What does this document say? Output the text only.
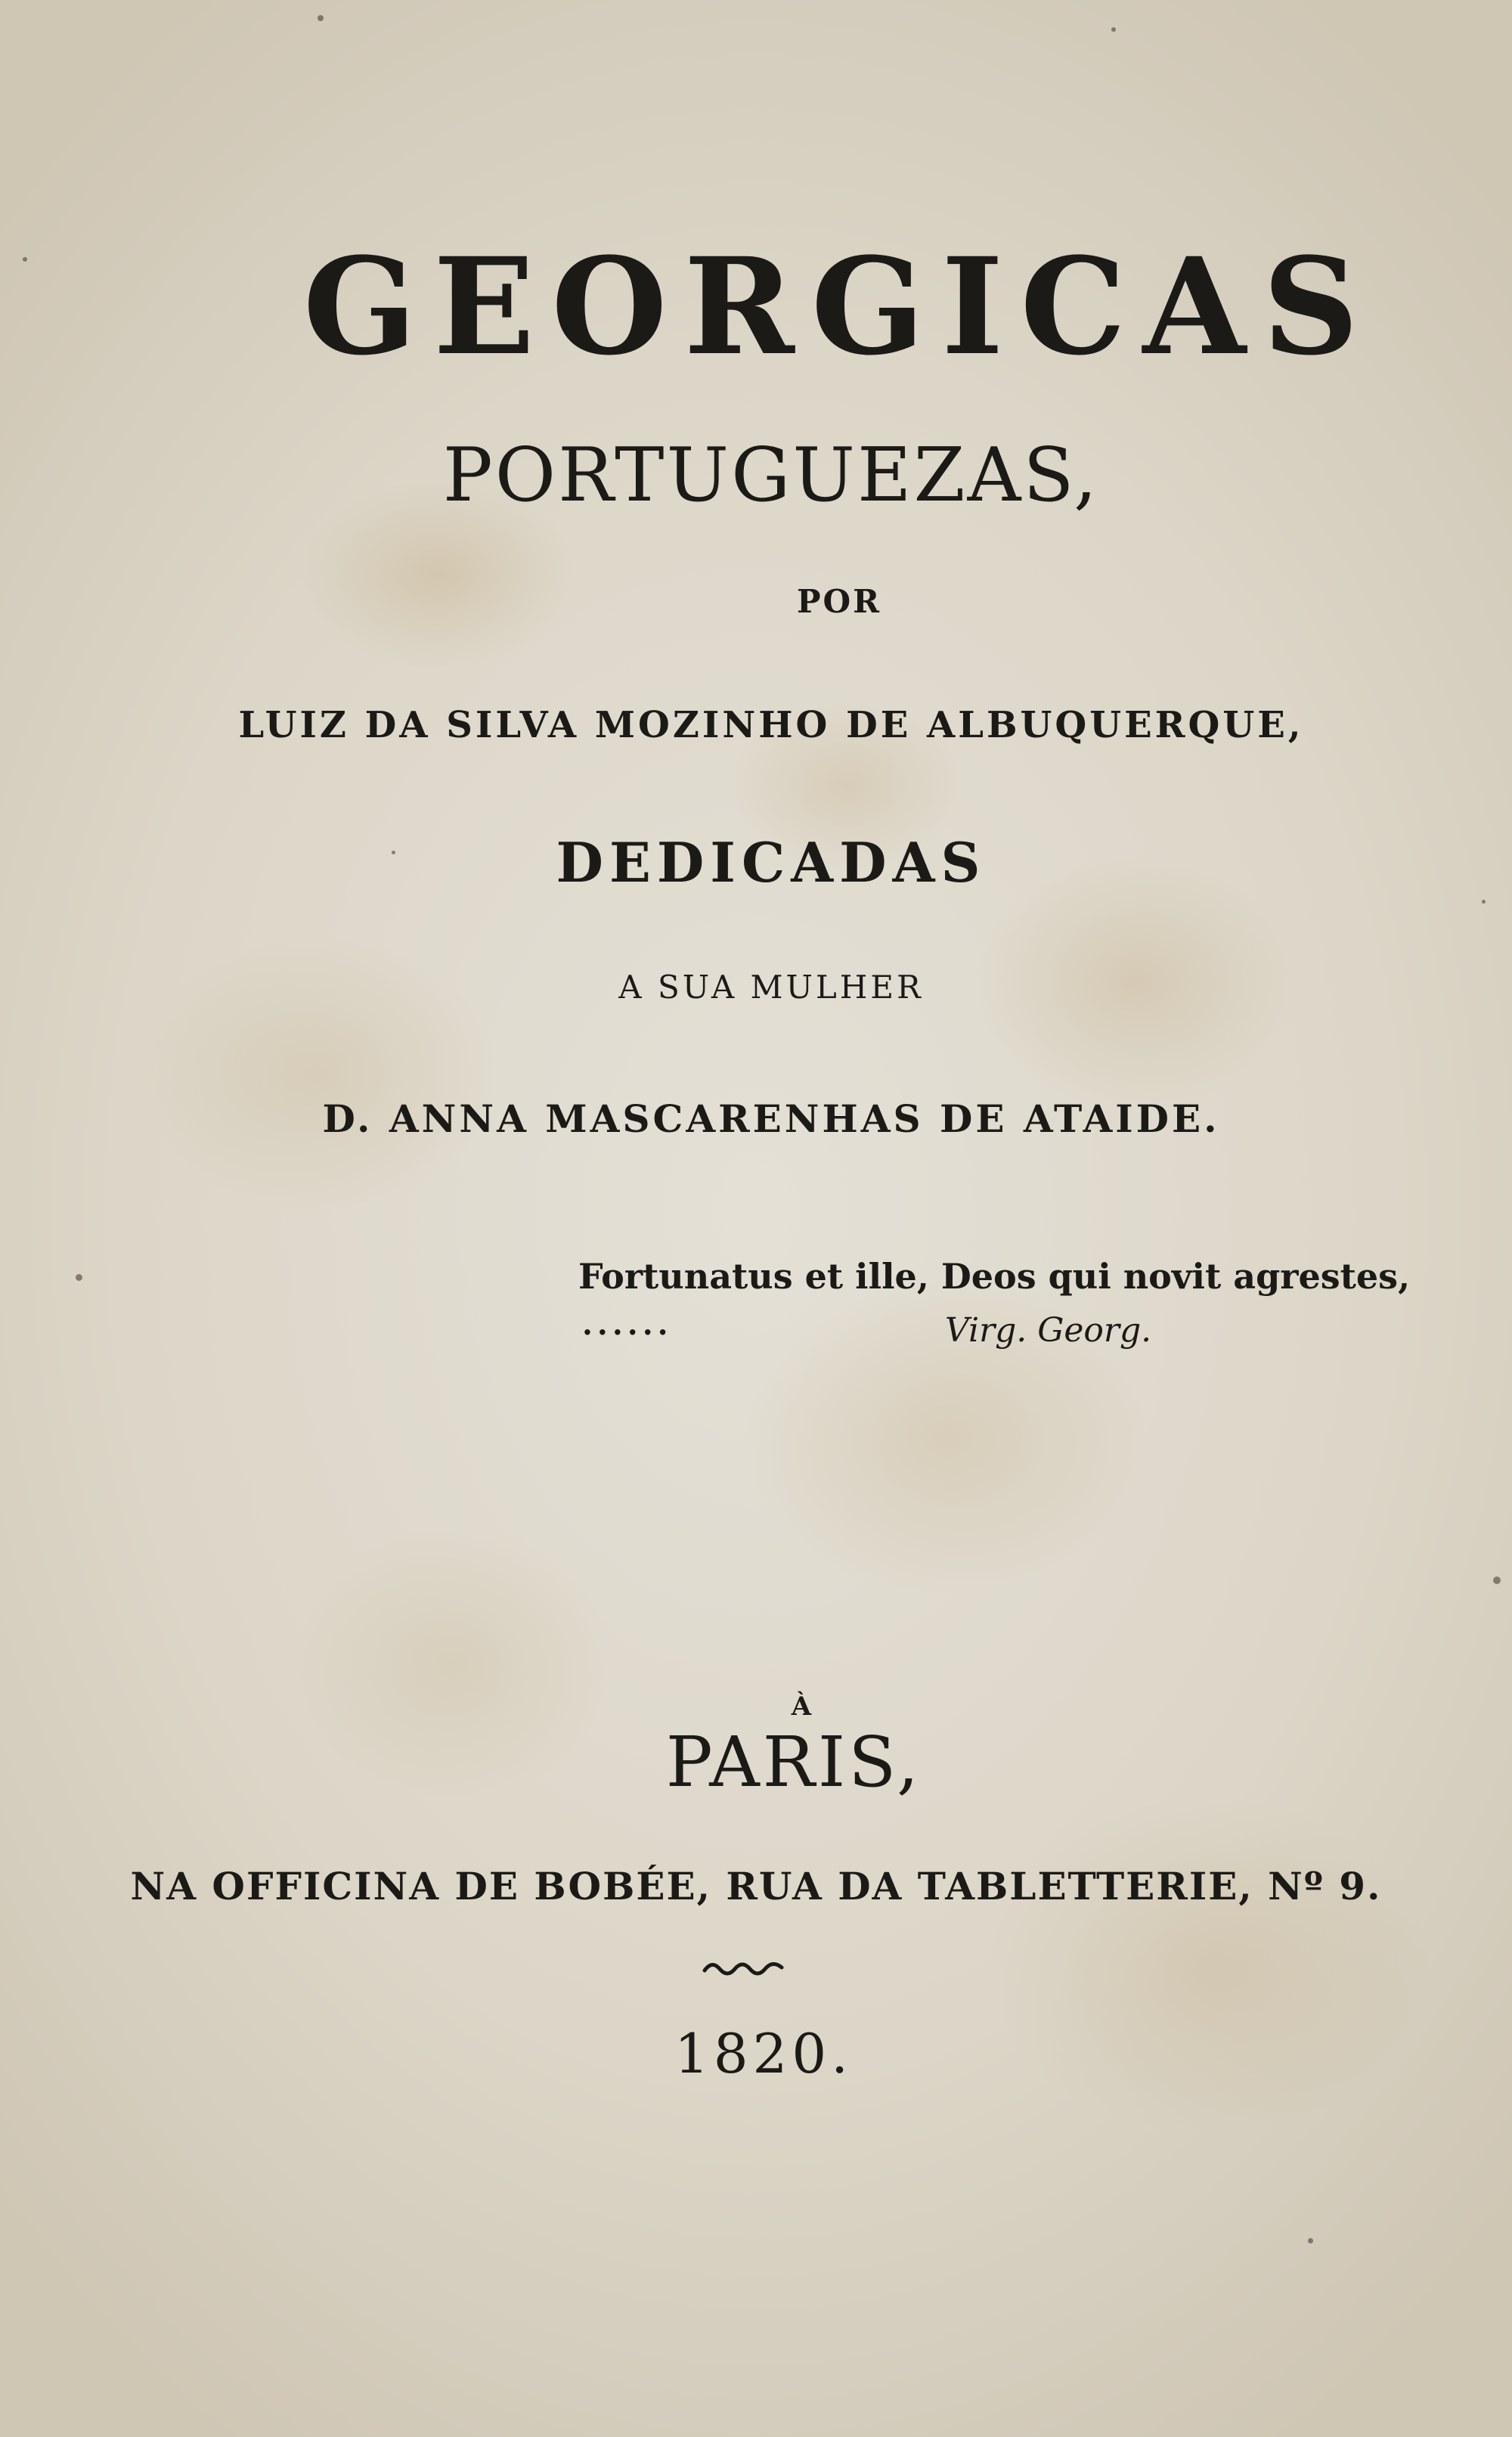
GEORGICAS
PORTUGUEZAS,
POR
LUIZ DA SILVA MOZINHO DE ALBUQUERQUE,
DEDICADAS
A SUA MULHER
D. ANNA MASCARENHAS DE ATAIDE.
Fortunatus et ille, Deos qui novit agrestes,
......	Virg. Georg.
À
PARIS,
NA OFFICINA DE BOBÉE, RUA DA TABLETTERIE, Nº 9.
1820.
